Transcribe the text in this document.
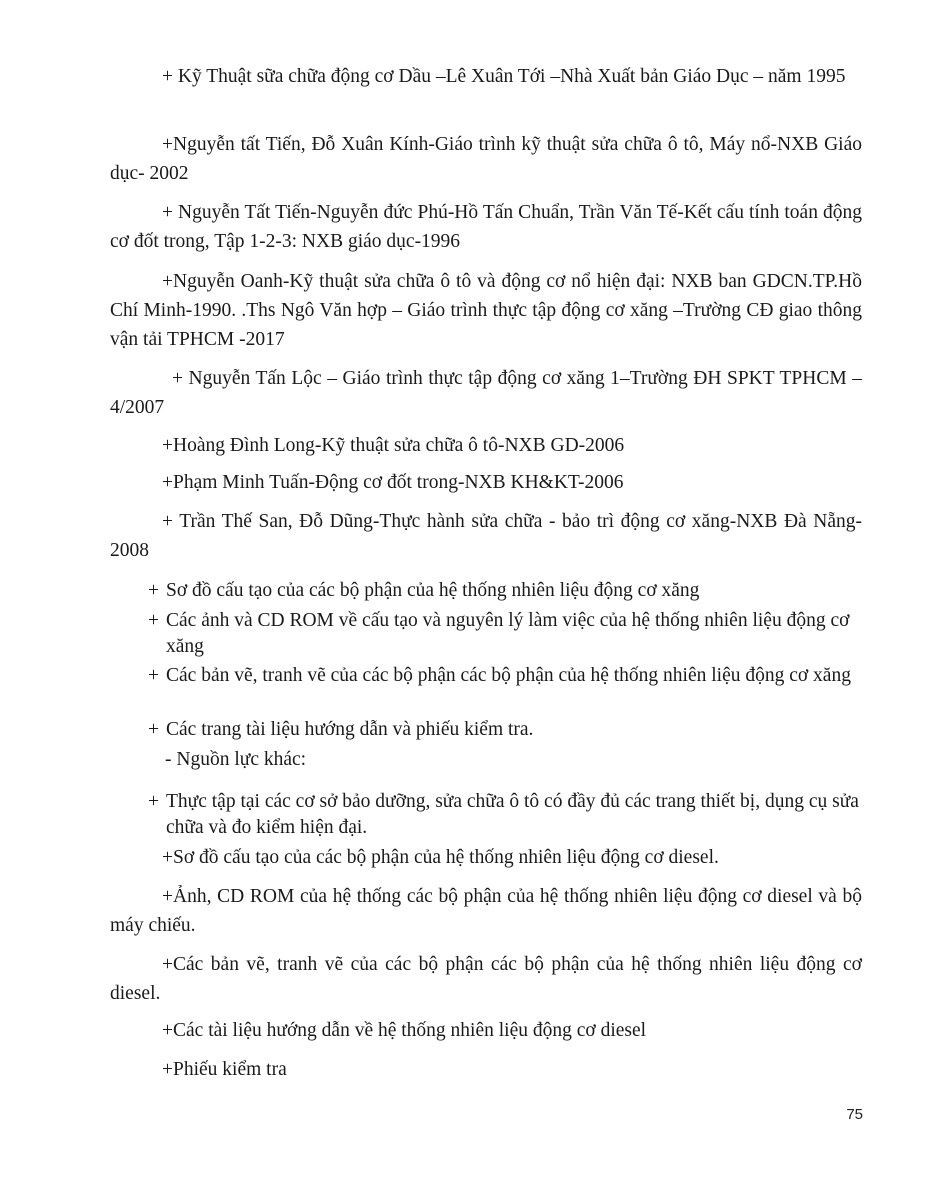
+ Kỹ Thuật sữa chữa động cơ Dầu –Lê Xuân Tới –Nhà Xuất bản Giáo Dục – năm 1995

+Nguyễn tất Tiến, Đỗ Xuân Kính-Giáo trình kỹ thuật sửa chữa ô tô, Máy nổ-NXB Giáo dục- 2002

+ Nguyễn Tất Tiến-Nguyễn đức Phú-Hồ Tấn Chuẩn, Trần Văn Tế-Kết cấu tính toán động cơ đốt trong, Tập 1-2-3: NXB giáo dục-1996

+Nguyễn Oanh-Kỹ thuật sửa chữa ô tô và động cơ nổ hiện đại: NXB ban GDCN.TP.Hồ Chí Minh-1990. .Ths Ngô Văn hợp – Giáo trình thực tập động cơ xăng –Trường CĐ giao thông vận tải TPHCM -2017

+ Nguyễn Tấn Lộc – Giáo trình thực tập động cơ xăng 1–Trường ĐH SPKT TPHCM – 4/2007

+Hoàng Đình Long-Kỹ thuật sửa chữa ô tô-NXB GD-2006

+Phạm Minh Tuấn-Động cơ đốt trong-NXB KH&KT-2006

+ Trần Thế San, Đỗ Dũng-Thực hành sửa chữa - bảo trì động cơ xăng-NXB Đà Nẵng-2008

+ Sơ đồ cấu tạo của các bộ phận của hệ thống nhiên liệu động cơ xăng
+ Các ảnh và CD ROM về cấu tạo và nguyên lý làm việc của hệ thống nhiên liệu động cơ xăng
+ Các bản vẽ, tranh vẽ của các bộ phận các bộ phận của hệ thống nhiên liệu động cơ xăng
+ Các trang tài liệu hướng dẫn và phiếu kiểm tra.

- Nguồn lực khác:

+ Thực tập tại các cơ sở bảo dưỡng, sửa chữa ô tô có đầy đủ các trang thiết bị, dụng cụ sửa chữa và đo kiểm hiện đại.

+Sơ đồ cấu tạo của các bộ phận của hệ thống nhiên liệu động cơ diesel.

+Ảnh, CD ROM của hệ thống các bộ phận của hệ thống nhiên liệu động cơ diesel và bộ máy chiếu.

+Các bản vẽ, tranh vẽ của các bộ phận các bộ phận của hệ thống nhiên liệu động cơ diesel.

+Các tài liệu hướng dẫn về hệ thống nhiên liệu động cơ diesel

+Phiếu kiểm tra

75
